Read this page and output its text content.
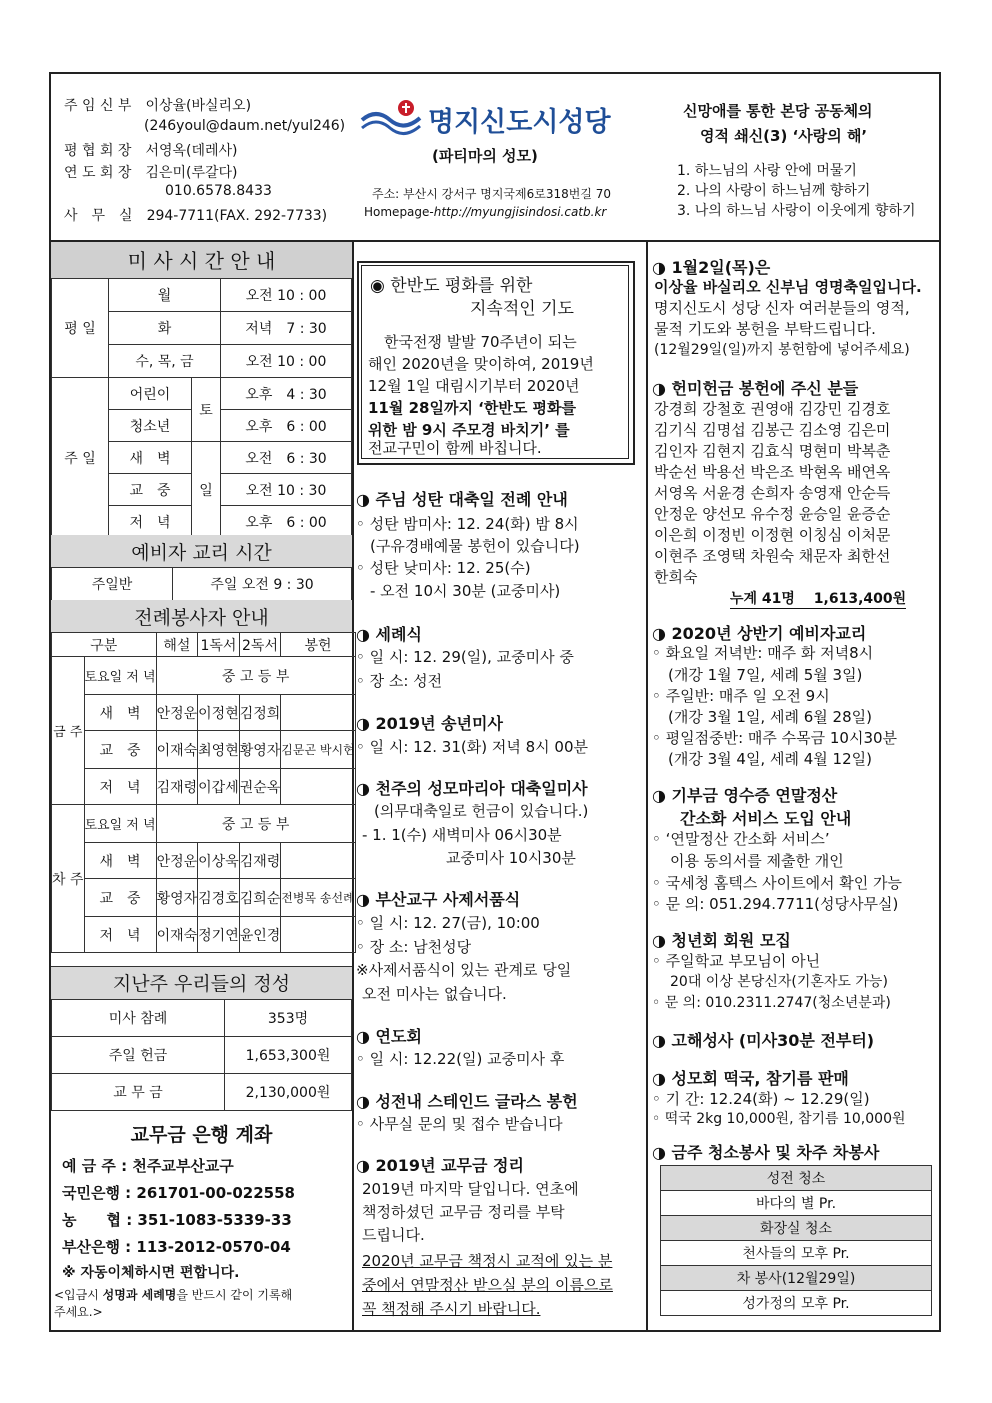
주 임 신 부　 이상율(바실리오)
(246youl@daum.net/yul246)
평 협 회 장　 서영옥(데레사)
연 도 회 장　 김은미(루갈다)
010.6578.8433
사　무　실　 294-7711(FAX. 292-7733)
명지신도시성당
(파티마의 성모)
주소: 부산시 강서구 명지국제6로318번길 70
Homepage-http://myungjisindosi.catb.kr
신망애를 통한 본당 공동체의
영적 쇄신(3) ‘사랑의 해’
1. 하느님의 사랑 안에 머물기
2. 나의 사랑이 하느님께 향하기
3. 나의 하느님 사랑이 이웃에게 향하기
미 사 시 간 안 내
평 일	월		오전 10 : 00
	화		저녁　7 : 30
	수, 목, 금		오전 10 : 00
주 일	어린이	토	오후　4 : 30
	청소년		오후　6 : 00
	새　벽	일	오전　6 : 30
	교　중		오전 10 : 30
	저　녁		오후　6 : 00
예비자 교리 시간
주일반	주일 오전 9 : 30
전례봉사자 안내
구분		해설	1독서	2독서	봉헌
금 주	토요일 저 녁	중 고 등 부			
	새　벽	안정운	이정현	김정희	
	교　중	이재숙	최영현	황영자	김문곤 박시현
	저　녁	김재령	이갑세	권순옥	
차 주	토요일 저 녁	중 고 등 부			
	새　벽	안정운	이상욱	김재령	
	교　중	황영자	김경호	김희순	전병목 송선례
	저　녁	이재숙	정기연	윤인경	
지난주 우리들의 정성
미사 참례	353명
주일 헌금	1,653,300원
교 무 금	2,130,000원
교무금 은행 계좌
예 금 주 : 천주교부산교구
국민은행 : 261701-00-022558
농　　협 : 351-1083-5339-33
부산은행 : 113-2012-0570-04
※ 자동이체하시면 편합니다.
<입금시 성명과 세례명을 반드시 같이 기록해
주세요.>
◉ 한반도 평화를 위한
지속적인 기도
한국전쟁 발발 70주년이 되는
해인 2020년을 맞이하여, 2019년
12월 1일 대림시기부터 2020년
11월 28일까지 ‘한반도 평화를
위한 밤 9시 주모경 바치기’ 를
전교구민이 함께 바칩니다.
◑ 주님 성탄 대축일 전례 안내
◦ 성탄 밤미사: 12. 24(화) 밤 8시
(구유경배예물 봉헌이 있습니다)
◦ 성탄 낮미사: 12. 25(수)
- 오전 10시 30분 (교중미사)
◑ 세례식
◦ 일 시: 12. 29(일), 교중미사 중
◦ 장 소: 성전
◑ 2019년 송년미사
◦ 일 시: 12. 31(화) 저녁 8시 00분
◑ 천주의 성모마리아 대축일미사
(의무대축일로 헌금이 있습니다.)
- 1. 1(수) 새벽미사 06시30분
교중미사 10시30분
◑ 부산교구 사제서품식
◦ 일 시: 12. 27(금), 10:00
◦ 장 소: 남천성당
※사제서품식이 있는 관계로 당일
오전 미사는 없습니다.
◑ 연도회
◦ 일 시: 12.22(일) 교중미사 후
◑ 성전내 스테인드 글라스 봉헌
◦ 사무실 문의 및 접수 받습니다
◑ 2019년 교무금 정리
2019년 마지막 달입니다. 연초에
책정하셨던 교무금 정리를 부탁
드립니다.
2020년 교무금 책정시 교적에 있는 분
중에서 연말정산 받으실 분의 이름으로
꼭 책정해 주시기 바랍니다.
◑ 1월2일(목)은
이상율 바실리오 신부님 영명축일입니다.
명지신도시 성당 신자 여러분들의 영적,
물적 기도와 봉헌을 부탁드립니다.
(12월29일(일)까지 봉헌함에 넣어주세요)
◑ 헌미헌금 봉헌에 주신 분들
강경희 강철호 권영애 김강민 김경호
김기식 김명섭 김봉근 김소영 김은미
김인자 김현지 김효식 명현미 박복춘
박순선 박용선 박은조 박현옥 배연옥
서영옥 서윤경 손희자 송영재 안순득
안정운 양선모 유수정 윤승일 윤증순
이은희 이정빈 이정현 이칭심 이처문
이현주 조영택 차원숙 채문자 최한선
한희숙
누계 41명　 1,613,400원
◑ 2020년 상반기 예비자교리
◦ 화요일 저녁반: 매주 화 저녁8시
(개강 1월 7일, 세례 5월 3일)
◦ 주일반: 매주 일 오전 9시
(개강 3월 1일, 세례 6월 28일)
◦ 평일점중반: 매주 수목금 10시30분
(개강 3월 4일, 세례 4월 12일)
◑ 기부금 영수증 연말정산
간소화 서비스 도입 안내
◦ ‘연말정산 간소화 서비스’
이용 동의서를 제출한 개인
◦ 국세청 홈텍스 사이트에서 확인 가능
◦ 문 의: 051.294.7711(성당사무실)
◑ 청년회 회원 모집
◦ 주일학교 부모님이 아닌
20대 이상 본당신자(기혼자도 가능)
◦ 문 의: 010.2311.2747(청소년분과)
◑ 고해성사 (미사30분 전부터)
◑ 성모회 떡국, 참기름 판매
◦ 기 간: 12.24(화) ~ 12.29(일)
◦ 떡국 2kg 10,000원, 참기름 10,000원
◑ 금주 청소봉사 및 차주 차봉사
성전 청소
바다의 별 Pr.
화장실 청소
천사들의 모후 Pr.
차 봉사(12월29일)
성가정의 모후 Pr.
